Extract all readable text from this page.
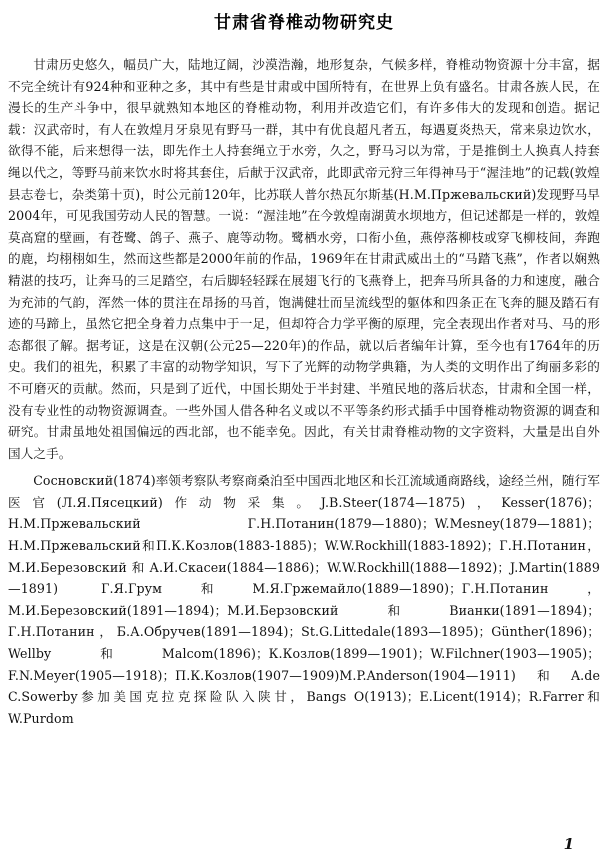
甘肃省脊椎动物研究史

甘肃历史悠久，幅员广大，陆地辽阔，沙漠浩瀚，地形复杂，气候多样，脊椎动物资源十分丰富，据不完全统计有924种和亚种之多，其中有些是甘肃或中国所特有，在世界上负有盛名。甘肃各族人民，在漫长的生产斗争中，很早就熟知本地区的脊椎动物，利用并改造它们，有许多伟大的发现和创造。据记载：汉武帝时，有人在敦煌月牙泉见有野马一群，其中有优良超凡者五，每遇夏炎热天，常来泉边饮水，欲得不能，后来想得一法，即先作土人持套绳立于水旁，久之，野马习以为常，于是推倒土人换真人持套绳以代之，等野马前来饮水时将其套住，后献于汉武帝，此即武帝元狩三年得神马于“渥洼地”的记载(敦煌县志卷七，杂类第十页)，时公元前120年，比苏联人普尔热瓦尔斯基(H.M.Пржевальский)发现野马早2004年，可见我国劳动人民的智慧。一说：“渥洼地”在今敦煌南湖黄水坝地方，但记述都是一样的，敦煌莫高窟的壁画，有苍鹭、鸽子、燕子、鹿等动物。鹭栖水旁，口衔小鱼，燕停落柳枝或穿飞柳枝间，奔跑的鹿，均栩栩如生，然而这些都是2000年前的作品，1969年在甘肃武威出土的“马踏飞燕”，作者以娴熟精湛的技巧，让奔马的三足踏空，右后脚轻轻踩在展翅飞行的飞燕脊上，把奔马所具备的力和速度，融合为充沛的气韵，浑然一体的贯注在昂扬的马首，饱满健壮而呈流线型的躯体和四条正在飞奔的腿及踏石有迹的马蹄上，虽然它把全身着力点集中于一足，但却符合力学平衡的原理，完全表现出作者对马、马的形态都很了解。据考证，这是在汉朝(公元25—220年)的作品，就以后者编年计算，至今也有1764年的历史。我们的祖先，积累了丰富的动物学知识，写下了光辉的动物学典籍，为人类的文明作出了绚丽多彩的不可磨灭的贡献。然而，只是到了近代，中国长期处于半封建、半殖民地的落后状态，甘肃和全国一样，没有专业性的动物资源调查。一些外国人借各种名义或以不平等条约形式插手中国脊椎动物资源的调查和研究。甘肃虽地处祖国偏远的西北部，也不能幸免。因此，有关甘肃脊椎动物的文字资料，大量是出自外国人之手。

Сосновский(1874)率领考察队考察商桑泊至中国西北地区和长江流域通商路线，途经兰州，随行军医官(Л.Я.Пясецкий)作动物采集。J.B.Steer(1874—1875)，Kesser(1876)；Н.М.Пржевальский Г.Н.Потанин(1879—1880)；W.Mesney(1879—1881)；Н.М.Пржевальский和П.К.Козлов(1883-1885)；W.W.Rockhill(1883-1892)；Г.Н.Потанин，М.И.Березовский和А.И.Скасеи(1884—1886)；W.W.Rockhill(1888—1892)；J.Martin(1889—1891) Г.Я.Грум和М.Я.Гржемайло(1889—1890)；Г.Н.Потанин，М.И.Березовский(1891—1894)；М.И.Берзовский和Вианки(1891—1894)；Г.Н.Потанин，Б.А.Обручев(1891—1894)；St.G.Littedale(1893—1895)；Günther(1896)；Wellby和Malcom(1896)；К.Козлов(1899—1901)；W.Filchner(1903—1905)；F.N.Meyer(1905—1918)；П.К.Козлов(1907—1909)M.P.Anderson(1904—1911)和A.de C.Sowerby参加美国克拉克探险队入陕甘，Bangs O(1913)；E.Licent(1914)；R.Farrer和W.Purdom

1
